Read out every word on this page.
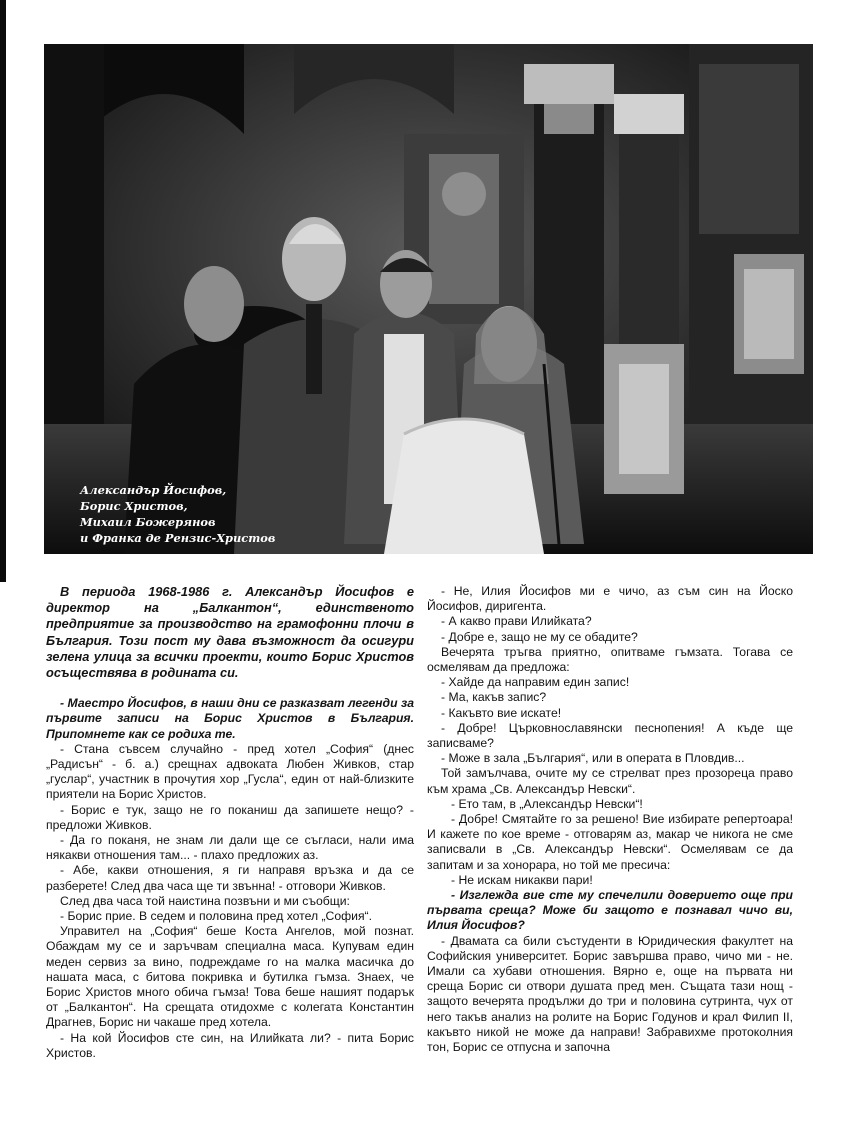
Александър Йосифов,
Борис Христов,
Михаил Божерянов
и Франка де Рензис-Христов

В периода 1968-1986 г. Александър Йосифов е директор на „Балкантон“, единственото предприятие за производство на грамофонни плочи в България. Този пост му дава възможност да осигури зелена улица за всички проекти, които Борис Христов осъществява в родината си.

- Маестро Йосифов, в наши дни се разказват легенди за първите записи на Борис Христов в България. Припомнете как се родиха те.

- Стана съвсем случайно - пред хотел „София“ (днес „Радисън“ - б. а.) срещнах адвоката Любен Живков, стар „гуслар“, участник в прочутия хор „Гусла“, един от най-близките приятели на Борис Христов.

- Борис е тук, защо не го поканиш да запишете нещо? - предложи Живков.

- Да го поканя, не знам ли дали ще се съгласи, нали има някакви отношения там... - плахо предложих аз.

- Абе, какви отношения, я ги направя връзка и да се разберете! След два часа ще ти звънна! - отговори Живков.

След два часа той наистина позвъни и ми съобщи:

- Борис прие. В седем и половина пред хотел „София“.

Управител на „София“ беше Коста Ангелов, мой познат. Обаждам му се и заръчвам специална маса. Купувам един меден сервиз за вино, подреждаме го на малка масичка до нашата маса, с битова покривка и бутилка гъмза. Знаех, че Борис Христов много обича гъмза! Това беше нашият подарък от „Балкантон“. На срещата отидохме с колегата Константин Драгнев, Борис ни чакаше пред хотела.

- На кой Йосифов сте син, на Илийката ли? - пита Борис Христов.

- Не, Илия Йосифов ми е чичо, аз съм син на Йоско Йосифов, диригента.

- А какво прави Илийката?

- Добре е, защо не му се обадите?

Вечерята тръгва приятно, опитваме гъмзата. Тогава се осмелявам да предложа:

- Хайде да направим един запис!

- Ма, какъв запис?

- Какъвто вие искате!

- Добре! Църковнославянски песнопения! А къде ще записваме?

- Може в зала „България“, или в операта в Пловдив...

Той замълчава, очите му се стрелват през прозореца право към храма „Св. Александър Невски“.

- Ето там, в „Александър Невски“!

- Добре! Смятайте го за решено! Вие избирате репертоара! И кажете по кое време - отговарям аз, макар че никога не сме записвали в „Св. Александър Невски“. Осмелявам се да запитам и за хонорара, но той ме пресича:

- Не искам никакви пари!

- Изглежда вие сте му спечелили доверието още при първата среща? Може би защото е познавал чичо ви, Илия Йосифов?

- Двамата са били състуденти в Юридическия факултет на Софийския университет. Борис завършва право, чичо ми - не. Имали са хубави отношения. Вярно е, още на първата ни среща Борис си отвори душата пред мен. Същата тази нощ - защото вечерята продължи до три и половина сутринта, чух от него такъв анализ на ролите на Борис Годунов и крал Филип II, какъвто никой не може да направи! Забравихме протоколния тон, Борис се отпусна и започна
